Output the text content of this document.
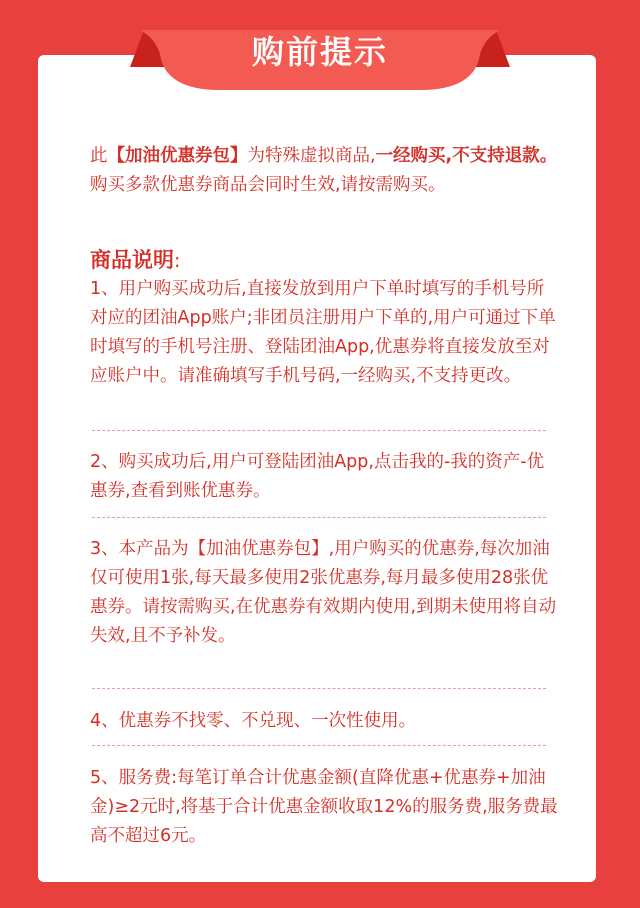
购前提示
此【加油优惠券包】为特殊虚拟商品,一经购买,不支持退款。购买多款优惠券商品会同时生效,请按需购买。
商品说明:
1、用户购买成功后,直接发放到用户下单时填写的手机号所对应的团油App账户;非团员注册用户下单的,用户可通过下单时填写的手机号注册、登陆团油App,优惠券将直接发放至对应账户中。请准确填写手机号码,一经购买,不支持更改。
2、购买成功后,用户可登陆团油App,点击我的-我的资产-优惠券,查看到账优惠券。
3、本产品为【加油优惠券包】,用户购买的优惠券,每次加油仅可使用1张,每天最多使用2张优惠券,每月最多使用28张优惠券。请按需购买,在优惠券有效期内使用,到期未使用将自动失效,且不予补发。
4、优惠券不找零、不兑现、一次性使用。
5、服务费:每笔订单合计优惠金额(直降优惠+优惠券+加油金)≥2元时,将基于合计优惠金额收取12%的服务费,服务费最高不超过6元。
